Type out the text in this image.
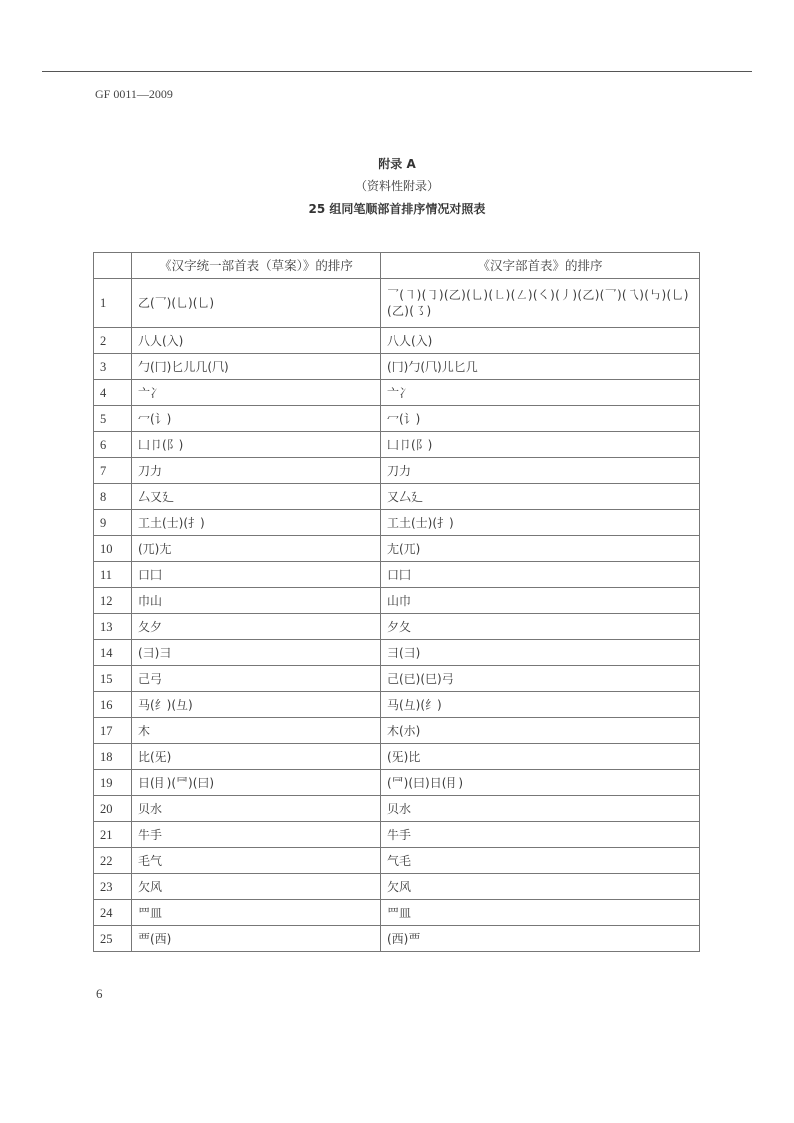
GF 0011—2009
附录 A
（资料性附录）
25 组同笔顺部首排序情况对照表
	《汉字统一部首表（草案）》的排序	《汉字部首表》的排序
1	乙(乛)(乚)(乚)	乛(㇕)(㇆)(乙)(乚)(㇗)(㇜)(㇛)(丿)(乙)(乛)(乁)(㇉)(乚)(乙)(㇌)
2	八人(入)	八人(入)
3	勹(冂)匕儿几(𠘨)	(冂)勹(𠘨)儿匕几
4	亠冫	亠冫
5	冖(讠)	冖(讠)
6	凵卩(阝)	凵卩(阝)
7	刀力	刀力
8	厶又廴	又厶廴
9	工土(士)(扌)	工土(士)(扌)
10	(兀)尢	尢(兀)
11	口囗	口囗
12	巾山	山巾
13	夂夕	夕夂
14	(彐)彐	彐(彐)
15	己弓	己(已)(巳)弓
16	马(纟)(彑)	马(彑)(纟)
17	木	木(朩)
18	比(旡)	(旡)比
19	日(⺝)(⺜)(曰)	(⺜)(曰)日(⺝)
20	贝水	贝水
21	牛手	牛手
22	毛气	气毛
23	欠风	欠风
24	罒皿	罒皿
25	覀(西)	(西)覀
6
